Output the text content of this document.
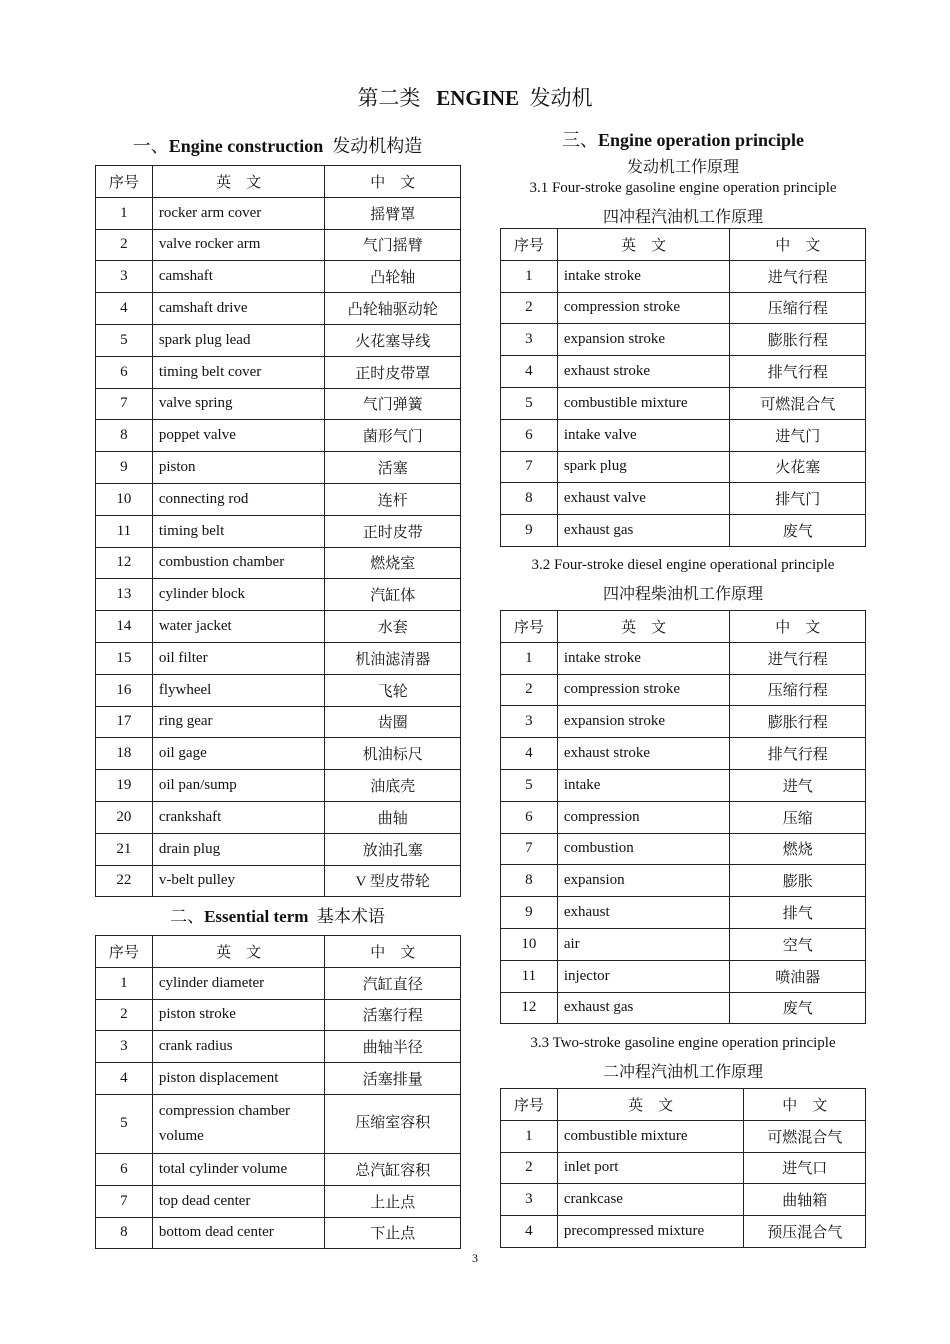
第二类 ENGINE 发动机
一、Engine construction 发动机构造
序号	英　文	中　文
1	rocker arm cover	摇臂罩
2	valve rocker arm	气门摇臂
3	camshaft	凸轮轴
4	camshaft drive	凸轮轴驱动轮
5	spark plug lead	火花塞导线
6	timing belt cover	正时皮带罩
7	valve spring	气门弹簧
8	poppet valve	菌形气门
9	piston	活塞
10	connecting rod	连杆
11	timing belt	正时皮带
12	combustion chamber	燃烧室
13	cylinder block	汽缸体
14	water jacket	水套
15	oil filter	机油滤清器
16	flywheel	飞轮
17	ring gear	齿圈
18	oil gage	机油标尺
19	oil pan/sump	油底壳
20	crankshaft	曲轴
21	drain plug	放油孔塞
22	v-belt pulley	V 型皮带轮
二、Essential term 基本术语
序号	英　文	中　文
1	cylinder diameter	汽缸直径
2	piston stroke	活塞行程
3	crank radius	曲轴半径
4	piston displacement	活塞排量
5	compression chamber volume	压缩室容积
6	total cylinder volume	总汽缸容积
7	top dead center	上止点
8	bottom dead center	下止点
三、Engine operation principle
发动机工作原理
3.1 Four-stroke gasoline engine operation principle
四冲程汽油机工作原理
序号	英　文	中　文
1	intake stroke	进气行程
2	compression stroke	压缩行程
3	expansion stroke	膨胀行程
4	exhaust stroke	排气行程
5	combustible mixture	可燃混合气
6	intake valve	进气门
7	spark plug	火花塞
8	exhaust valve	排气门
9	exhaust gas	废气
3.2 Four-stroke diesel engine operational principle
四冲程柴油机工作原理
序号	英　文	中　文
1	intake stroke	进气行程
2	compression stroke	压缩行程
3	expansion stroke	膨胀行程
4	exhaust stroke	排气行程
5	intake	进气
6	compression	压缩
7	combustion	燃烧
8	expansion	膨胀
9	exhaust	排气
10	air	空气
11	injector	喷油器
12	exhaust gas	废气
3.3 Two-stroke gasoline engine operation principle
二冲程汽油机工作原理
序号	英　文	中　文
1	combustible mixture	可燃混合气
2	inlet port	进气口
3	crankcase	曲轴箱
4	precompressed mixture	预压混合气
3
